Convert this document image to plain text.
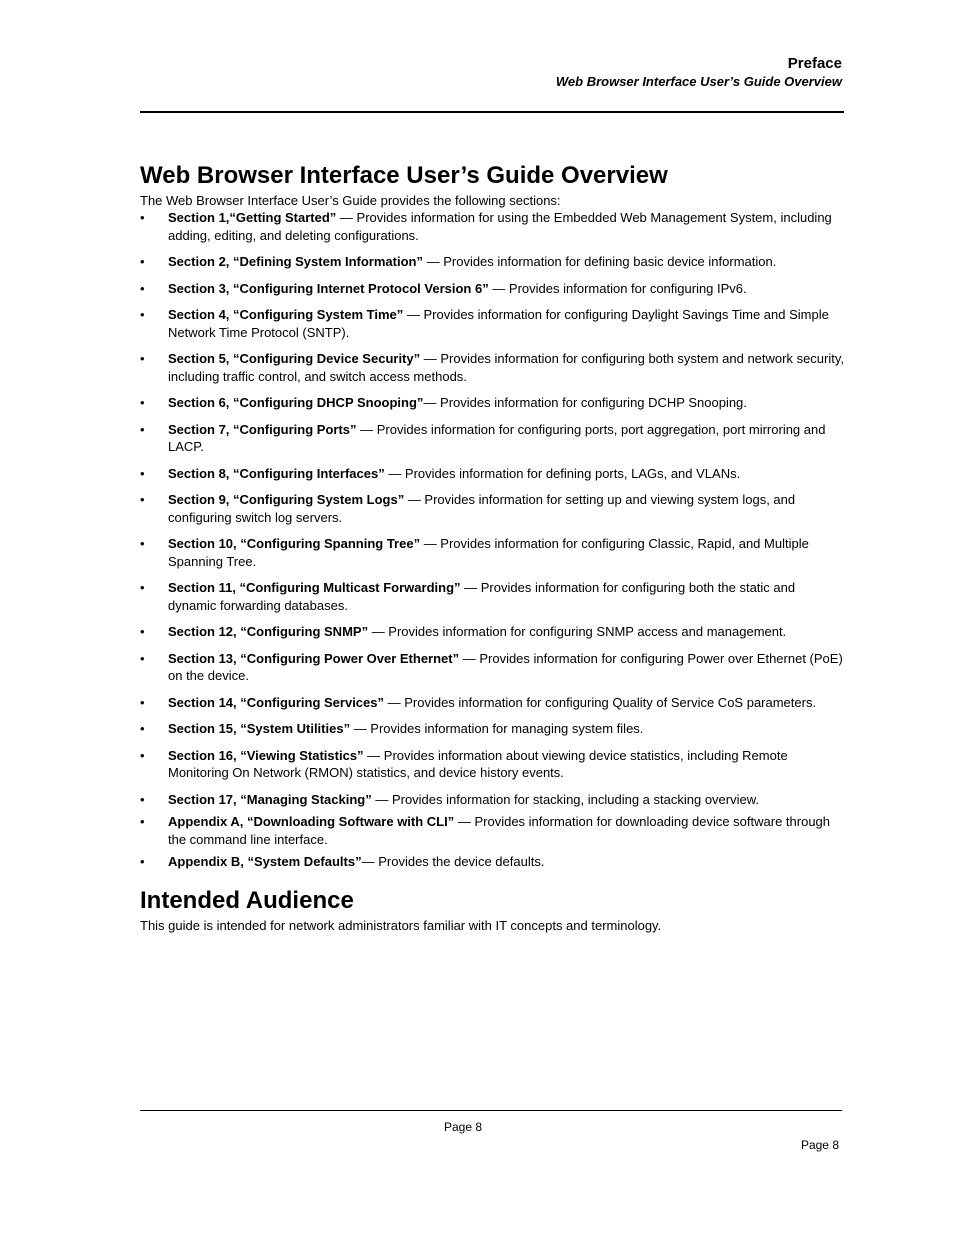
Preface
Web Browser Interface User’s Guide Overview
Web Browser Interface User’s Guide Overview

The Web Browser Interface User’s Guide provides the following sections:

• Section 1,“Getting Started” — Provides information for using the Embedded Web Management System, including adding, editing, and deleting configurations.
• Section 2, “Defining System Information” — Provides information for defining basic device information.
• Section 3, “Configuring Internet Protocol Version 6” — Provides information for configuring IPv6.
• Section 4, “Configuring System Time” — Provides information for configuring Daylight Savings Time and Simple Network Time Protocol (SNTP).
• Section 5, “Configuring Device Security” — Provides information for configuring both system and network security, including traffic control, and switch access methods.
• Section 6, “Configuring DHCP Snooping”— Provides information for configuring DCHP Snooping.
• Section 7, “Configuring Ports” — Provides information for configuring ports, port aggregation, port mirroring and LACP.
• Section 8, “Configuring Interfaces” — Provides information for defining ports, LAGs, and VLANs.
• Section 9, “Configuring System Logs” — Provides information for setting up and viewing system logs, and configuring switch log servers.
• Section 10, “Configuring Spanning Tree” — Provides information for configuring Classic, Rapid, and Multiple Spanning Tree.
• Section 11, “Configuring Multicast Forwarding” — Provides information for configuring both the static and dynamic forwarding databases.
• Section 12, “Configuring SNMP” — Provides information for configuring SNMP access and management.
• Section 13, “Configuring Power Over Ethernet” — Provides information for configuring Power over Ethernet (PoE) on the device.
• Section 14, “Configuring Services” — Provides information for configuring Quality of Service CoS parameters.
• Section 15, “System Utilities” — Provides information for managing system files.
• Section 16, “Viewing Statistics” — Provides information about viewing device statistics, including Remote Monitoring On Network (RMON) statistics, and device history events.
• Section 17, “Managing Stacking” — Provides information for stacking, including a stacking overview.
• Appendix A, “Downloading Software with CLI” — Provides information for downloading device software through the command line interface.
• Appendix B, “System Defaults”— Provides the device defaults.
Intended Audience

This guide is intended for network administrators familiar with IT concepts and terminology.

Page 8
Page 8
